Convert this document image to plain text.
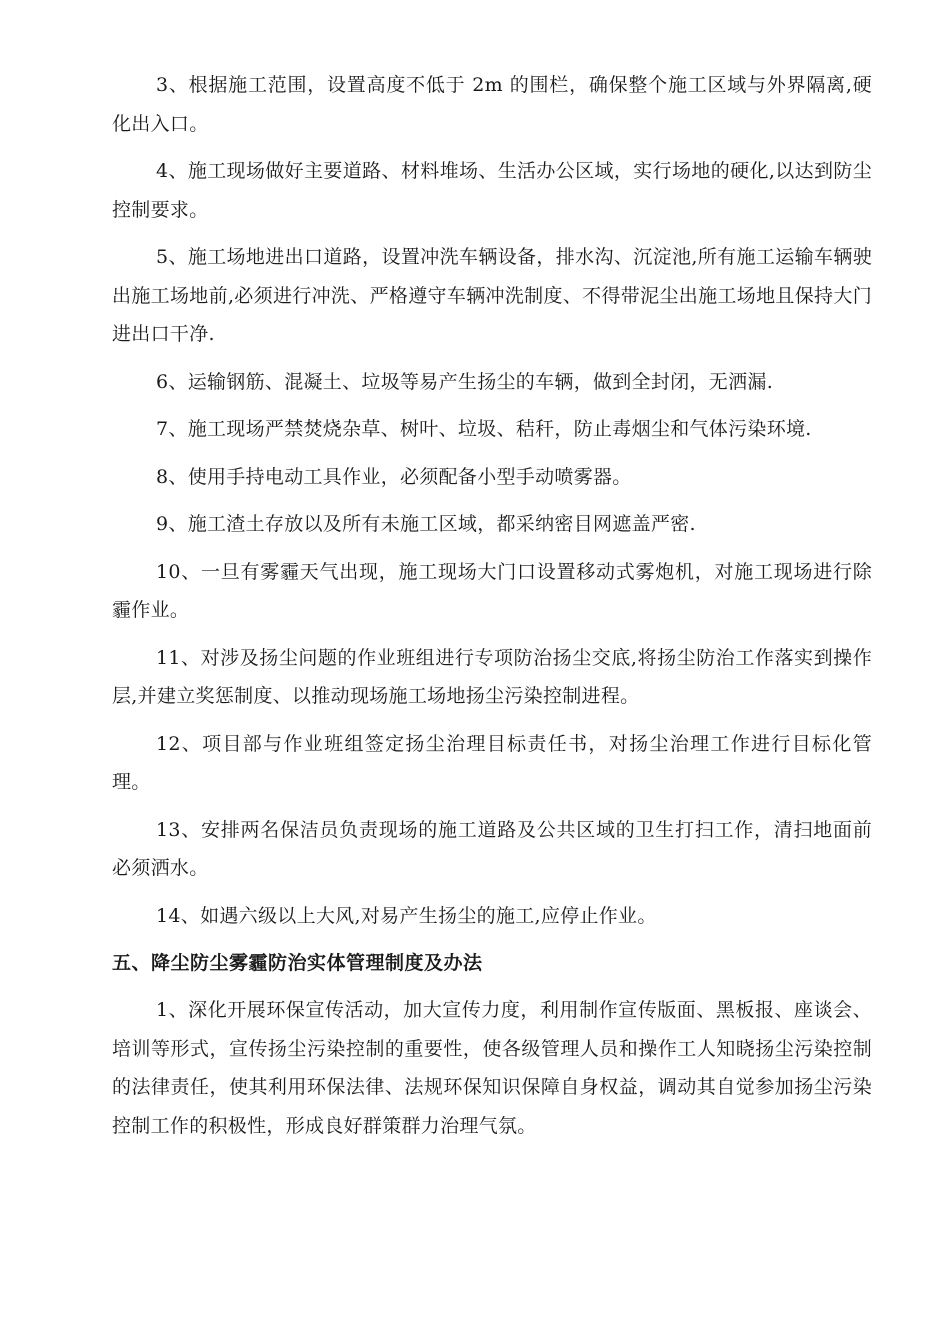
3、根据施工范围，设置高度不低于 2m 的围栏，确保整个施工区域与外界隔离,硬化出入口。

4、施工现场做好主要道路、材料堆场、生活办公区域，实行场地的硬化,以达到防尘控制要求。

5、施工场地进出口道路，设置冲洗车辆设备，排水沟、沉淀池,所有施工运输车辆驶出施工场地前,必须进行冲洗、严格遵守车辆冲洗制度、不得带泥尘出施工场地且保持大门进出口干净.

6、运输钢筋、混凝土、垃圾等易产生扬尘的车辆，做到全封闭，无洒漏.

7、施工现场严禁焚烧杂草、树叶、垃圾、秸秆，防止毒烟尘和气体污染环境.

8、使用手持电动工具作业，必须配备小型手动喷雾器。

9、施工渣土存放以及所有未施工区域，都采纳密目网遮盖严密.

10、一旦有雾霾天气出现，施工现场大门口设置移动式雾炮机，对施工现场进行除霾作业。

11、对涉及扬尘问题的作业班组进行专项防治扬尘交底,将扬尘防治工作落实到操作层,并建立奖惩制度、以推动现场施工场地扬尘污染控制进程。

12、项目部与作业班组签定扬尘治理目标责任书，对扬尘治理工作进行目标化管理。

13、安排两名保洁员负责现场的施工道路及公共区域的卫生打扫工作，清扫地面前必须洒水。

14、如遇六级以上大风,对易产生扬尘的施工,应停止作业。

五、降尘防尘雾霾防治实体管理制度及办法

1、深化开展环保宣传活动，加大宣传力度，利用制作宣传版面、黑板报、座谈会、培训等形式，宣传扬尘污染控制的重要性，使各级管理人员和操作工人知晓扬尘污染控制的法律责任，使其利用环保法律、法规环保知识保障自身权益，调动其自觉参加扬尘污染控制工作的积极性，形成良好群策群力治理气氛。
